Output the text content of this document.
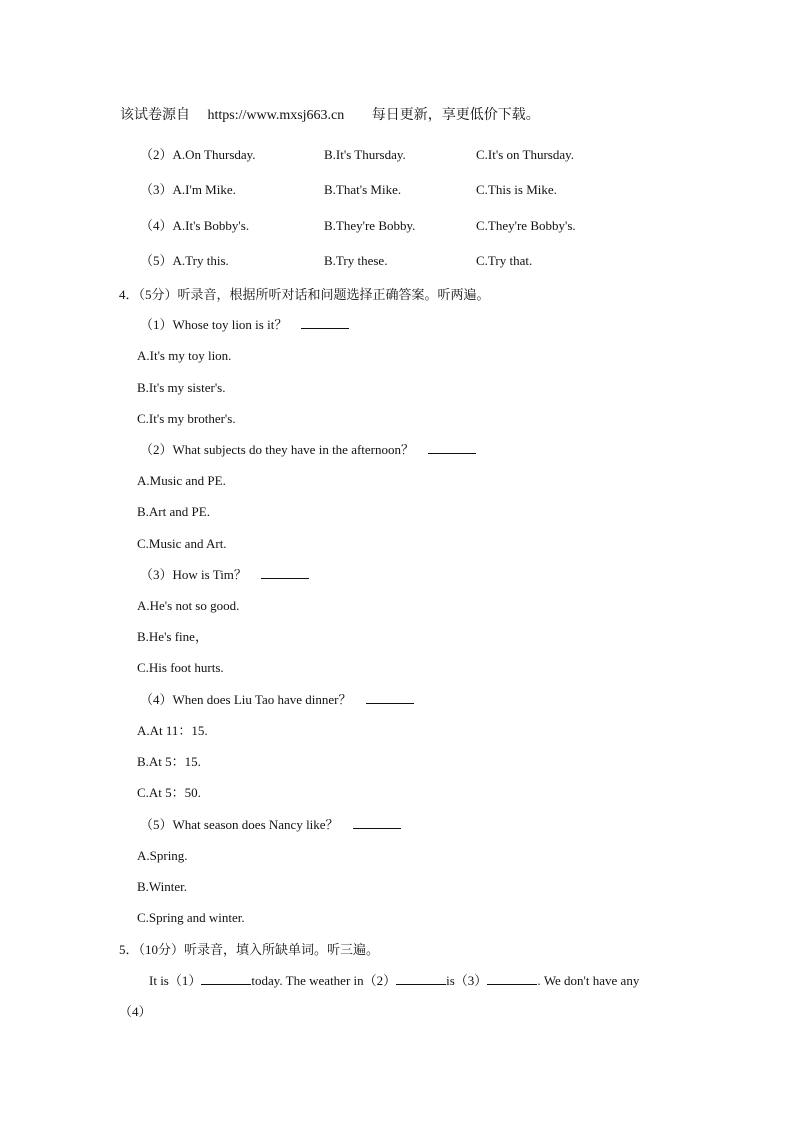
该试卷源自 https://www.mxsj663.cn 每日更新，享更低价下载。
（2）A.On Thursday.	B.It's Thursday.	C.It's on Thursday.
（3）A.I'm Mike.	B.That's Mike.	C.This is Mike.
（4）A.It's Bobby's.	B.They're Bobby.	C.They're Bobby's.
（5）A.Try this.	B.Try these.	C.Try that.
4．（5分）听录音，根据所听对话和问题选择正确答案。听两遍。
（1）Whose toy lion is it？
A.It's my toy lion.
B.It's my sister's.
C.It's my brother's.
（2）What subjects do they have in the afternoon？
A.Music and PE.
B.Art and PE.
C.Music and Art.
（3）How is Tim？
A.He's not so good.
B.He's fine，
C.His foot hurts.
（4）When does Liu Tao have dinner？
A.At 11：15.
B.At 5：15.
C.At 5：50.
（5）What season does Nancy like？
A.Spring.
B.Winter.
C.Spring and winter.
5．（10分）听录音，填入所缺单词。听三遍。
It is（1）	today. The weather in（2）	is（3）	. We don't have any
（4）
